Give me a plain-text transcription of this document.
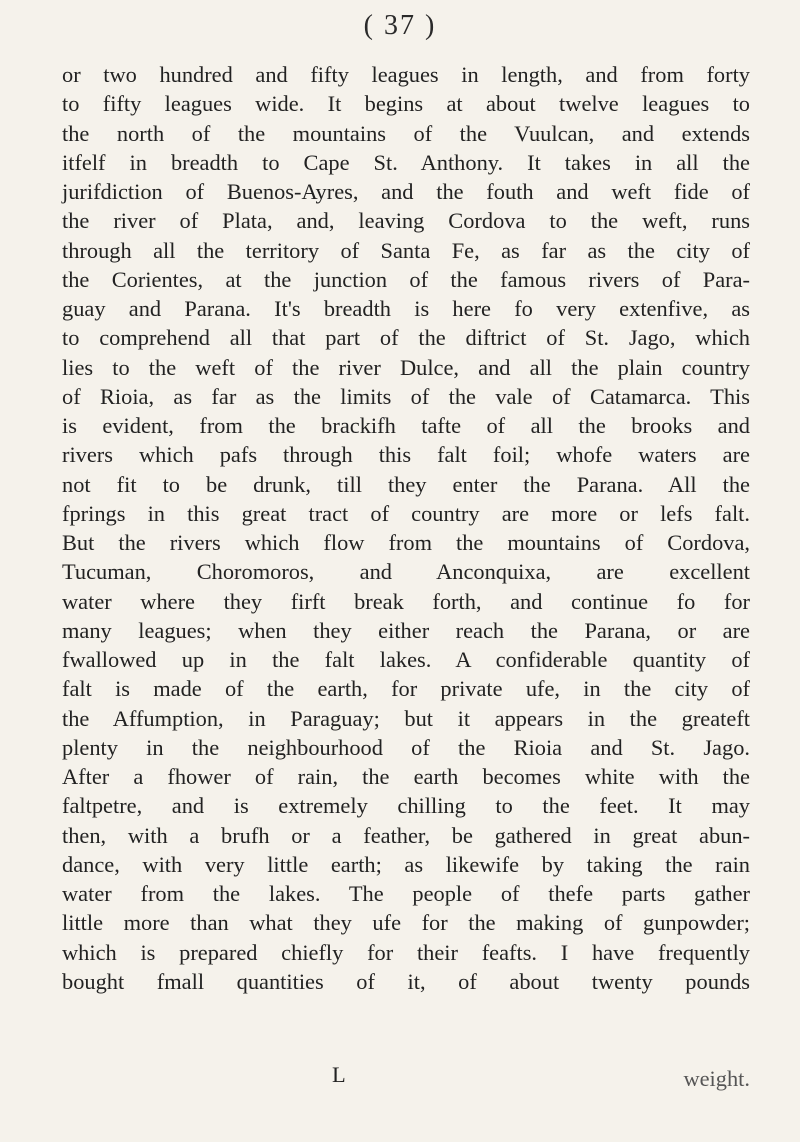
( 37 )
or two hundred and fifty leagues in length, and from forty
to fifty leagues wide. It begins at about twelve leagues to
the north of the mountains of the Vuulcan, and extends
itfelf in breadth to Cape St. Anthony. It takes in all the
jurifdiction of Buenos-Ayres, and the fouth and weft fide of
the river of Plata, and, leaving Cordova to the weft, runs
through all the territory of Santa Fe, as far as the city of
the Corientes, at the junction of the famous rivers of Para-
guay and Parana. It's breadth is here fo very extenfive, as
to comprehend all that part of the diftrict of St. Jago, which
lies to the weft of the river Dulce, and all the plain country
of Rioia, as far as the limits of the vale of Catamarca. This
is evident, from the brackifh tafte of all the brooks and
rivers which pafs through this falt foil; whofe waters are
not fit to be drunk, till they enter the Parana. All the
fprings in this great tract of country are more or lefs falt.
But the rivers which flow from the mountains of Cordova,
Tucuman, Choromoros, and Anconquixa, are excellent
water where they firft break forth, and continue fo for
many leagues; when they either reach the Parana, or are
fwallowed up in the falt lakes. A confiderable quantity of
falt is made of the earth, for private ufe, in the city of
the Affumption, in Paraguay; but it appears in the greateft
plenty in the neighbourhood of the Rioia and St. Jago.
After a fhower of rain, the earth becomes white with the
faltpetre, and is extremely chilling to the feet. It may
then, with a brufh or a feather, be gathered in great abun-
dance, with very little earth; as likewife by taking the rain
water from the lakes. The people of thefe parts gather
little more than what they ufe for the making of gunpowder;
which is prepared chiefly for their feafts. I have frequently
bought fmall quantities of it, of about twenty pounds
L	weight.
